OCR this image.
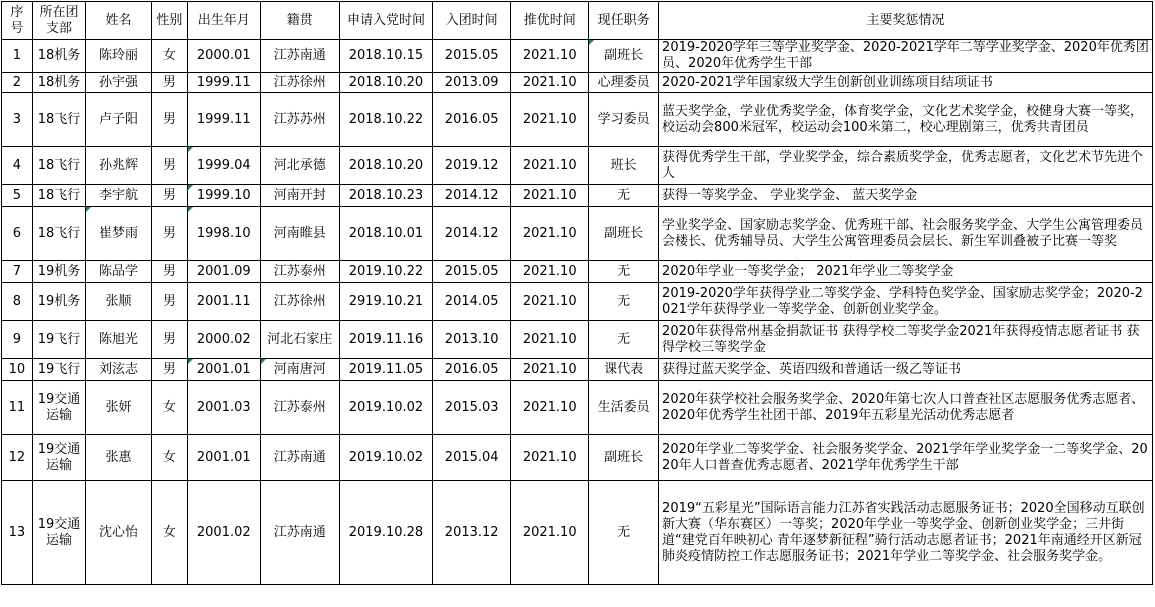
序号	所在团支部	姓名	性别	出生年月	籍贯	申请入党时间	入团时间	推优时间	现任职务	主要奖惩情况
1	18机务	陈玲丽	女	2000.01	江苏南通	2018.10.15	2015.05	2021.10	副班长	2019-2020学年三等学业奖学金、2020-2021学年二等学业奖学金、2020年优秀团员、2020年优秀学生干部
2	18机务	孙宇强	男	1999.11	江苏徐州	2018.10.20	2013.09	2021.10	心理委员	2020-2021学年国家级大学生创新创业训练项目结项证书
3	18飞行	卢子阳	男	1999.11	江苏苏州	2018.10.22	2016.05	2021.10	学习委员	蓝天奖学金，学业优秀奖学金，体育奖学金，文化艺术奖学金，校健身大赛一等奖，校运动会800米冠军，校运动会100米第二，校心理剧第三，优秀共青团员
4	18飞行	孙兆辉	男	1999.04	河北承德	2018.10.20	2019.12	2021.10	班长	获得优秀学生干部，学业奖学金，综合素质奖学金，优秀志愿者，文化艺术节先进个人
5	18飞行	李宇航	男	1999.10	河南开封	2018.10.23	2014.12	2021.10	无	获得一等奖学金、 学业奖学金、 蓝天奖学金
6	18飞行	崔梦雨	男	1998.10	河南睢县	2018.10.01	2014.12	2021.10	副班长	学业奖学金、国家励志奖学金、优秀班干部、社会服务奖学金、大学生公寓管理委员会楼长、优秀辅导员、大学生公寓管理委员会层长、新生军训叠被子比赛一等奖
7	19机务	陈品学	男	2001.09	江苏泰州	2019.10.22	2015.05	2021.10	无	2020年学业一等奖学金； 2021年学业二等奖学金
8	19机务	张顺	男	2001.11	江苏徐州	2919.10.21	2014.05	2021.10	无	2019-2020学年获得学业二等奖学金、学科特色奖学金、国家励志奖学金；2020-2021学年获得学业一等奖学金、创新创业奖学金。
9	19飞行	陈旭光	男	2000.02	河北石家庄	2019.11.16	2013.10	2021.10	无	2020年获得常州基金捐款证书 获得学校二等奖学金2021年获得疫情志愿者证书 获得学校三等奖学金
10	19飞行	刘泫志	男	2001.01	河南唐河	2019.11.05	2016.05	2021.10	课代表	获得过蓝天奖学金、英语四级和普通话一级乙等证书
11	19交通运输	张妍	女	2001.03	江苏泰州	2019.10.02	2015.03	2021.10	生活委员	2020年获学校社会服务奖学金、2020年第七次人口普查社区志愿服务优秀志愿者、2020年优秀学生社团干部、2019年五彩星光活动优秀志愿者
12	19交通运输	张惠	女	2001.01	江苏南通	2019.10.02	2015.04	2021.10	副班长	2020年学业二等奖学金、社会服务奖学金、2021学年学业奖学金一二等奖学金、2020年人口普查优秀志愿者、2021学年优秀学生干部
13	19交通运输	沈心怡	女	2001.02	江苏南通	2019.10.28	2013.12	2021.10	无	2019“五彩星光”国际语言能力江苏省实践活动志愿服务证书；2020全国移动互联创新大赛（华东赛区）一等奖；2020年学业一等奖学金、创新创业奖学金；三井街道“建党百年映初心 青年逐梦新征程”骑行活动志愿者证书；2021年南通经开区新冠肺炎疫情防控工作志愿服务证书；2021年学业二等奖学金、社会服务奖学金。
